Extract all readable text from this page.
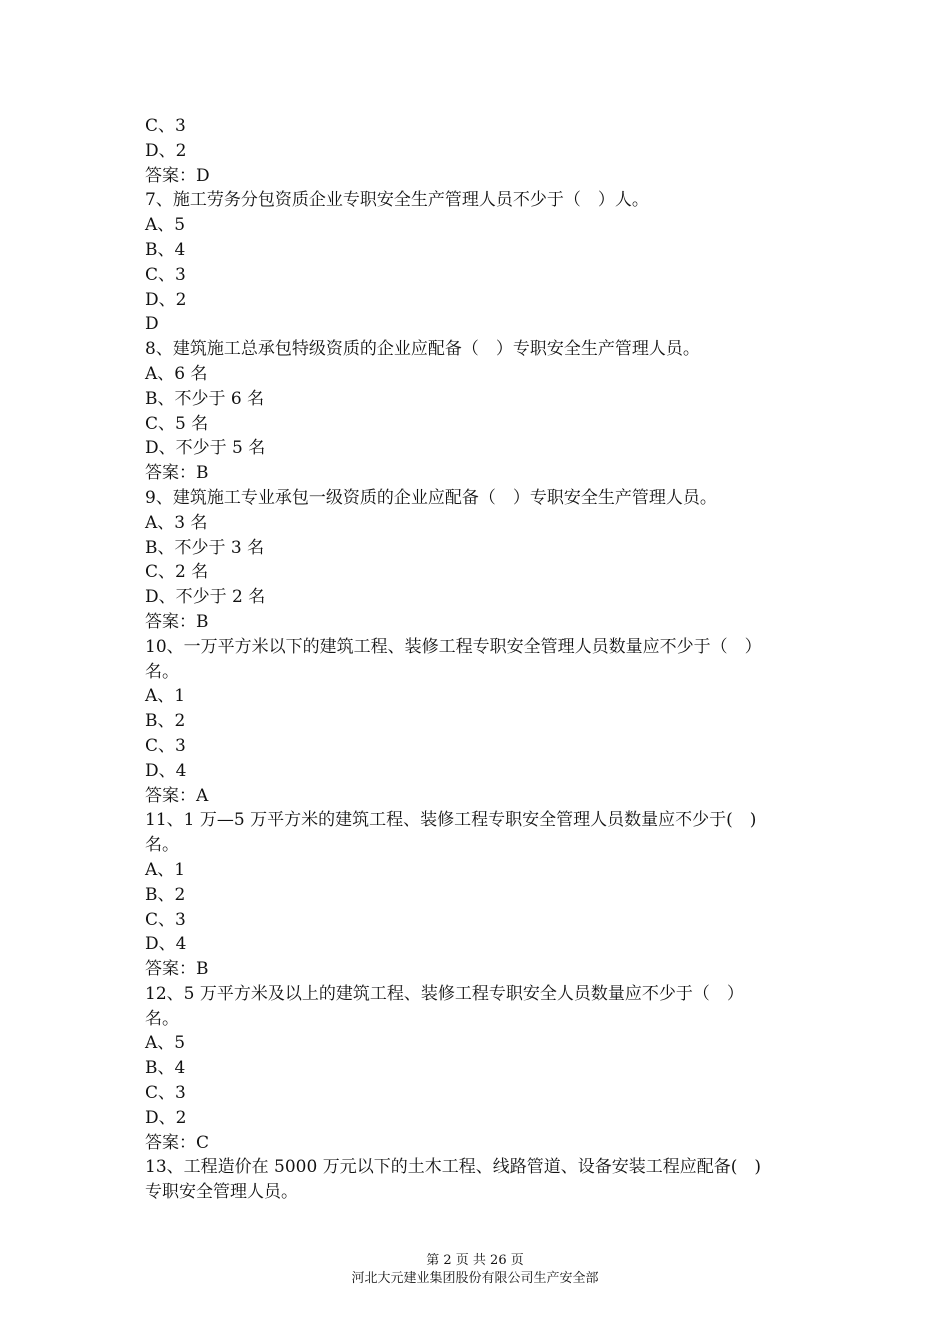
C、3
D、2
答案：D
7、施工劳务分包资质企业专职安全生产管理人员不少于（　）人。
A、5
B、4
C、3
D、2
D
8、建筑施工总承包特级资质的企业应配备（　）专职安全生产管理人员。
A、6 名
B、不少于 6 名
C、5 名
D、不少于 5 名
答案：B
9、建筑施工专业承包一级资质的企业应配备（　）专职安全生产管理人员。
A、3 名
B、不少于 3 名
C、2 名
D、不少于 2 名
答案：B
10、一万平方米以下的建筑工程、装修工程专职安全管理人员数量应不少于（　）
名。
A、1
B、2
C、3
D、4
答案：A
11、1 万—5 万平方米的建筑工程、装修工程专职安全管理人员数量应不少于(　)
名。
A、1
B、2
C、3
D、4
答案：B
12、5 万平方米及以上的建筑工程、装修工程专职安全人员数量应不少于（　）
名。
A、5
B、4
C、3
D、2
答案：C
13、工程造价在 5000 万元以下的土木工程、线路管道、设备安装工程应配备(　)
专职安全管理人员。
第 2 页 共 26 页
河北大元建业集团股份有限公司生产安全部
